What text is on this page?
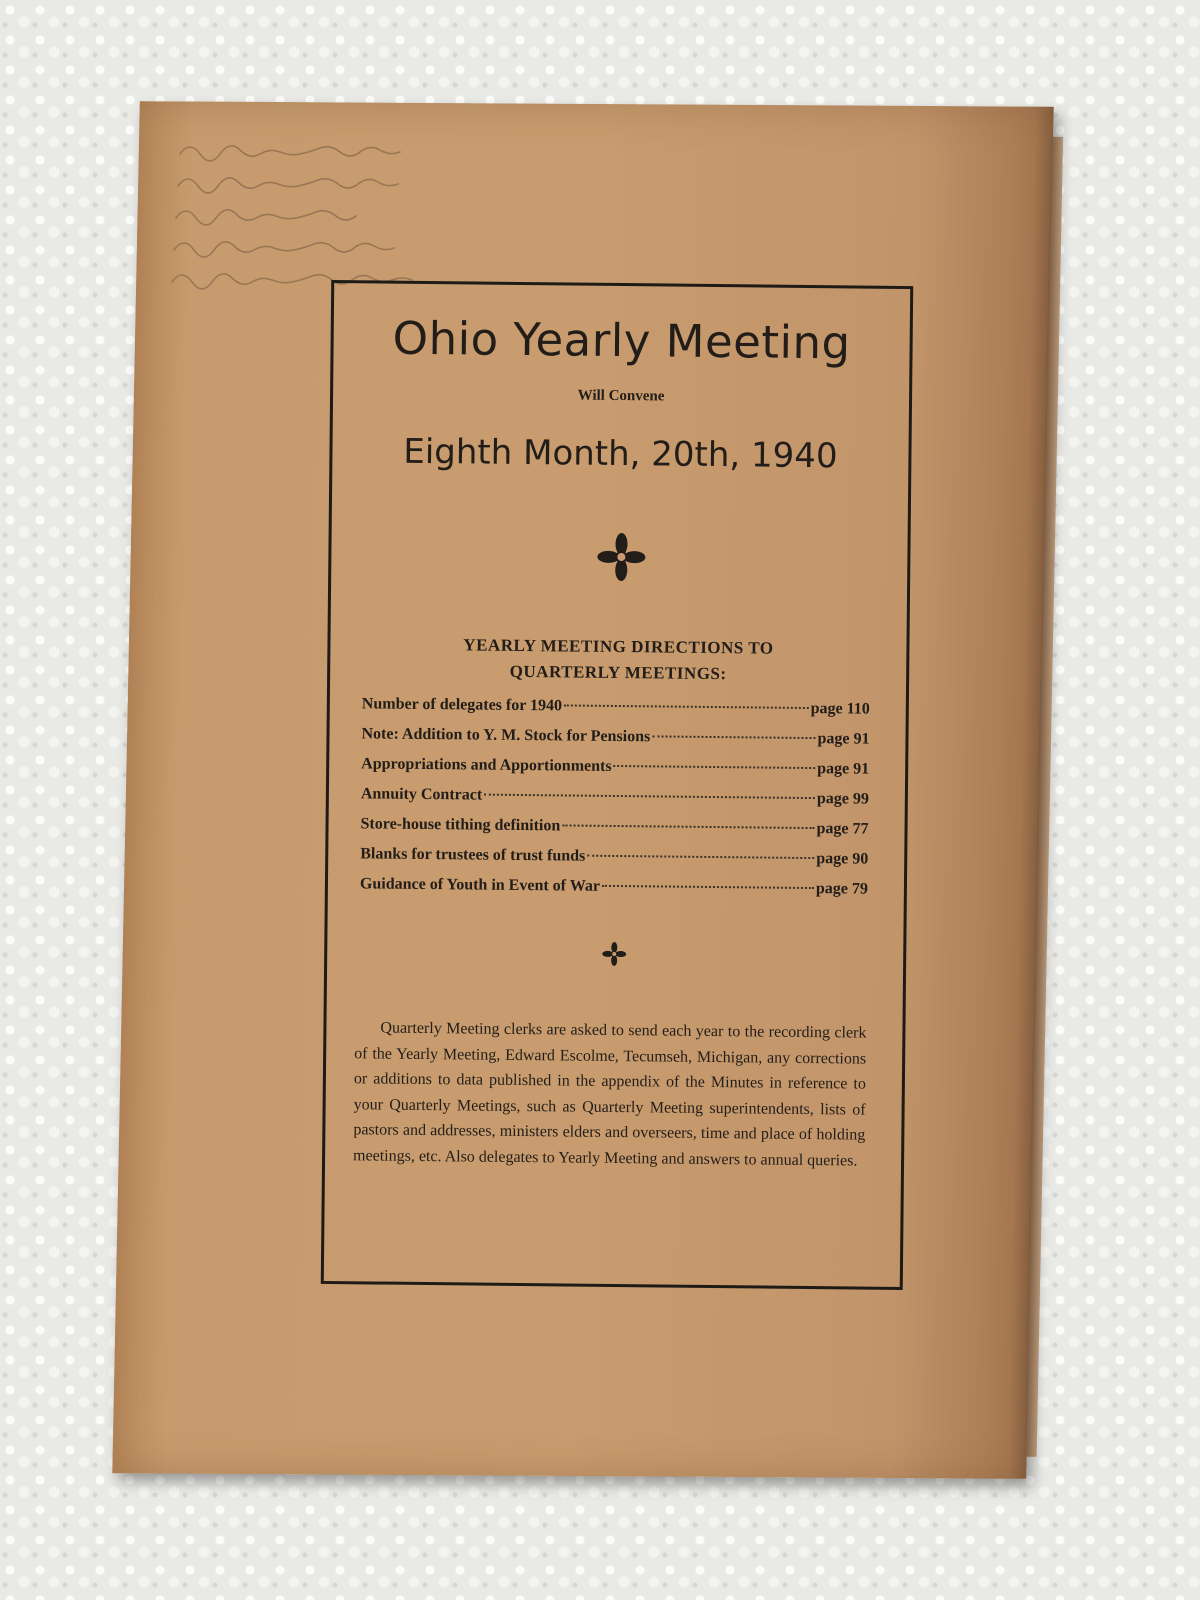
Ohio Yearly Meeting
Will Convene
Eighth Month, 20th, 1940
YEARLY MEETING DIRECTIONS TO
QUARTERLY MEETINGS:
Number of delegates for 1940	page 110
Note: Addition to Y. M. Stock for Pensions	page 91
Appropriations and Apportionments	page 91
Annuity Contract	page 99
Store-house tithing definition	page 77
Blanks for trustees of trust funds	page 90
Guidance of Youth in Event of War	page 79
Quarterly Meeting clerks are asked to send each year to the recording clerk of the Yearly Meeting, Edward Escolme, Tecumseh, Michigan, any corrections or additions to data published in the appendix of the Minutes in reference to your Quarterly Meetings, such as Quarterly Meeting superintendents, lists of pastors and addresses, ministers elders and overseers, time and place of holding meetings, etc. Also delegates to Yearly Meeting and answers to annual queries.
